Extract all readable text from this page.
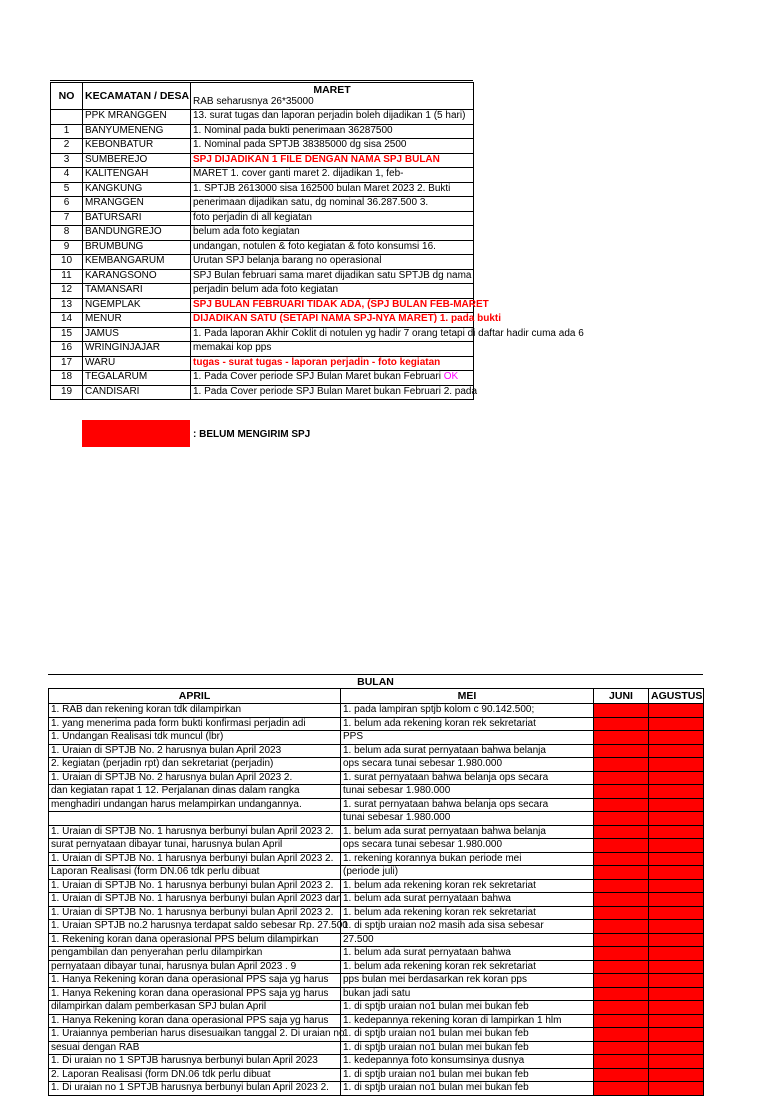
NO	KECAMATAN / DESA	MARET
		RAB seharusnya 26*35000
	PPK MRANGGEN	13. surat tugas dan laporan perjadin boleh dijadikan 1 (5 hari)
1	BANYUMENENG	1. Nominal pada bukti penerimaan 36287500
2	KEBONBATUR	1. Nominal pada SPTJB 38385000 dg sisa 2500
3	SUMBEREJO	SPJ DIJADIKAN 1 FILE DENGAN NAMA SPJ BULAN
4	KALITENGAH	MARET 1. cover ganti maret 2. dijadikan 1, feb-
5	KANGKUNG	1. SPTJB 2613000 sisa 162500 bulan Maret 2023 2. Bukti
6	MRANGGEN	penerimaan dijadikan satu, dg nominal 36.287.500 3.
7	BATURSARI	foto perjadin di all kegiatan
8	BANDUNGREJO	belum ada foto kegiatan
9	BRUMBUNG	undangan, notulen & foto kegiatan & foto konsumsi 16.
10	KEMBANGARUM	Urutan SPJ belanja barang no operasional
11	KARANGSONO	SPJ Bulan februari sama maret dijadikan satu SPTJB dg nama
12	TAMANSARI	perjadin belum ada foto kegiatan
13	NGEMPLAK	SPJ BULAN FEBRUARI TIDAK ADA, (SPJ BULAN FEB-MARET
14	MENUR	DIJADIKAN SATU (SETAPI NAMA SPJ-NYA MARET) 1. pada bukti
15	JAMUS	1. Pada laporan Akhir Coklit di notulen yg hadir 7 orang tetapi di daftar hadir cuma ada 6
16	WRINGINJAJAR	memakai kop pps
17	WARU	tugas - surat tugas - laporan perjadin - foto kegiatan
18	TEGALARUM	1. Pada Cover periode SPJ Bulan Maret bukan Februari OK
19	CANDISARI	1. Pada Cover periode SPJ Bulan Maret bukan Februari 2. pada
: BELUM MENGIRIM SPJ
BULAN
APRIL	MEI	JUNI	AGUSTUS
1. RAB dan rekening koran tdk dilampirkan	1. pada lampiran sptjb kolom c 90.142.500;		
1. yang menerima pada form bukti konfirmasi perjadin adi	1. belum ada rekening koran rek sekretariat		
1. Undangan Realisasi tdk muncul (lbr)	PPS		
1. Uraian di SPTJB No. 2 harusnya bulan April 2023	1. belum ada surat pernyataan bahwa belanja		
2. kegiatan (perjadin rpt) dan sekretariat (perjadin)	ops secara tunai sebesar 1.980.000		
1. Uraian di SPTJB No. 2 harusnya bulan April 2023 2.	1. surat pernyataan bahwa belanja ops secara		
dan kegiatan rapat 1 12. Perjalanan dinas dalam rangka	tunai sebesar 1.980.000		
menghadiri undangan harus melampirkan undangannya.	1. surat pernyataan bahwa belanja ops secara		
	tunai sebesar 1.980.000		
1. Uraian di SPTJB No. 1 harusnya berbunyi bulan April 2023 2.	1. belum ada surat pernyataan bahwa belanja		
surat pernyataan dibayar tunai, harusnya bulan April	ops secara tunai sebesar 1.980.000		
1. Uraian di SPTJB No. 1 harusnya berbunyi bulan April 2023 2.	1. rekening korannya bukan periode mei		
Laporan Realisasi (form DN.06 tdk perlu dibuat	(periode juli)		
1. Uraian di SPTJB No. 1 harusnya berbunyi bulan April 2023 2.	1. belum ada rekening koran rek sekretariat		
1. Uraian di SPTJB No. 1 harusnya berbunyi bulan April 2023 dan	1. belum ada surat pernyataan bahwa		
1. Uraian di SPTJB No. 1 harusnya berbunyi bulan April 2023 2.	1. belum ada rekening koran rek sekretariat		
1. Uraian SPTJB no.2 harusnya terdapat saldo sebesar Rp. 27.500	1. di sptjb uraian no2 masih ada sisa sebesar		
1. Rekening koran dana operasional PPS belum dilampirkan	27.500		
pengambilan dan penyerahan perlu dilampirkan	1. belum ada surat pernyataan bahwa		
pernyataan dibayar tunai, harusnya bulan April 2023 . 9	1. belum ada rekening koran rek sekretariat		
1. Hanya Rekening koran dana operasional PPS saja yg harus	pps bulan mei berdasarkan rek koran pps		
1. Hanya Rekening koran dana operasional PPS saja yg harus	bukan jadi satu		
dilampirkan dalam pemberkasan SPJ bulan April	1. di sptjb uraian no1 bulan mei bukan feb		
1. Hanya Rekening koran dana operasional PPS saja yg harus	1. kedepannya rekening koran di lampirkan 1 hlm		
1. Uraiannya pemberian harus disesuaikan tanggal 2. Di uraian no	1. di sptjb uraian no1 bulan mei bukan feb		
sesuai dengan RAB	1. di sptjb uraian no1 bulan mei bukan feb		
1. Di uraian no 1 SPTJB harusnya berbunyi bulan April 2023	1. kedepannya foto konsumsinya dusnya		
2. Laporan Realisasi (form DN.06 tdk perlu dibuat	1. di sptjb uraian no1 bulan mei bukan feb		
1. Di uraian no 1 SPTJB harusnya berbunyi bulan April 2023 2.	1. di sptjb uraian no1 bulan mei bukan feb		
